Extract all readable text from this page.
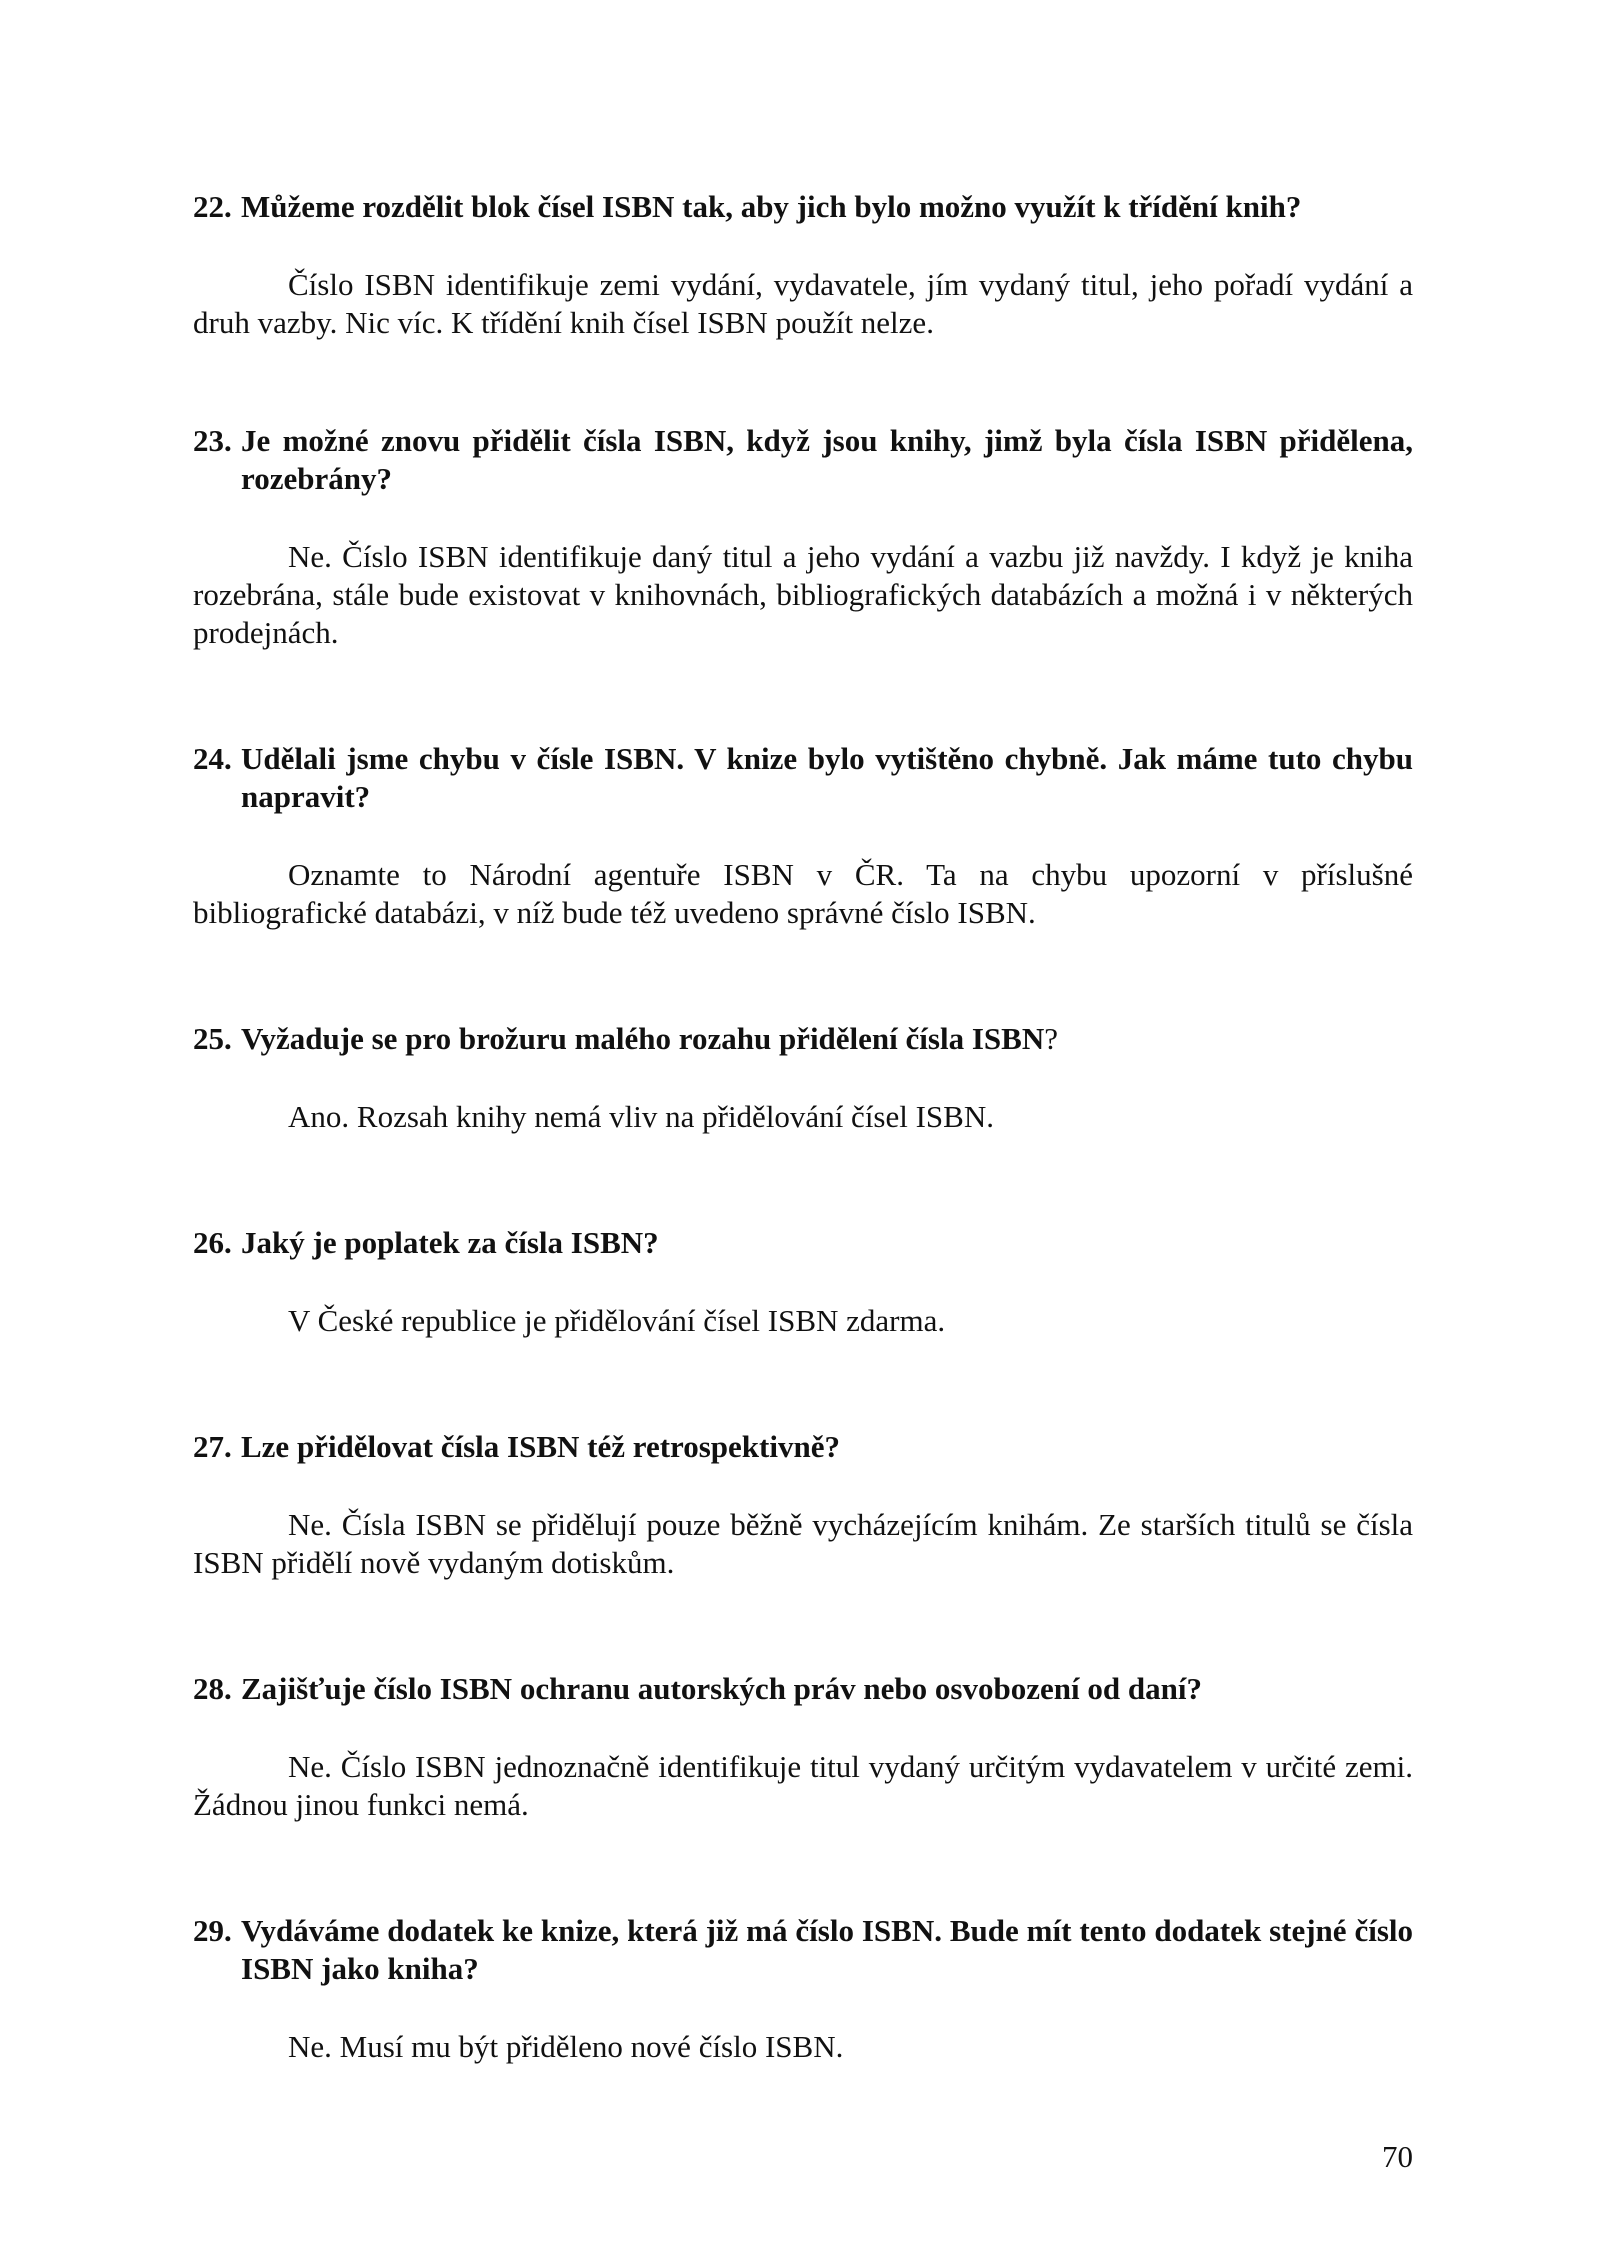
22. Můžeme rozdělit blok čísel ISBN tak, aby jich bylo možno využít k třídění knih?

Číslo ISBN identifikuje zemi vydání, vydavatele, jím vydaný titul, jeho pořadí vydání a druh vazby. Nic víc. K třídění knih čísel ISBN použít nelze.

23. Je možné znovu přidělit čísla ISBN, když jsou knihy, jimž byla čísla ISBN přidělena, rozebrány?

Ne. Číslo ISBN identifikuje daný titul a jeho vydání a vazbu již navždy. I když je kniha rozebrána, stále bude existovat v knihovnách, bibliografických databázích a možná i v některých prodejnách.

24. Udělali jsme chybu v čísle ISBN. V knize bylo vytištěno chybně. Jak máme tuto chybu napravit?

Oznamte to Národní agentuře ISBN v ČR. Ta na chybu upozorní v příslušné bibliografické databázi, v níž bude též uvedeno správné číslo ISBN.

25. Vyžaduje se pro brožuru malého rozahu přidělení čísla ISBN?

Ano. Rozsah knihy nemá vliv na přidělování čísel ISBN.

26. Jaký je poplatek za čísla ISBN?

V České republice je přidělování čísel ISBN zdarma.

27. Lze přidělovat čísla ISBN též retrospektivně?

Ne. Čísla ISBN se přidělují pouze běžně vycházejícím knihám. Ze starších titulů se čísla ISBN přidělí nově vydaným dotiskům.

28. Zajišťuje číslo ISBN ochranu autorských práv nebo osvobození od daní?

Ne. Číslo ISBN jednoznačně identifikuje titul vydaný určitým vydavatelem v určité zemi. Žádnou jinou funkci nemá.

29. Vydáváme dodatek ke knize, která již má číslo ISBN. Bude mít tento dodatek stejné číslo ISBN jako kniha?

Ne. Musí mu být přiděleno nové číslo ISBN.

70
